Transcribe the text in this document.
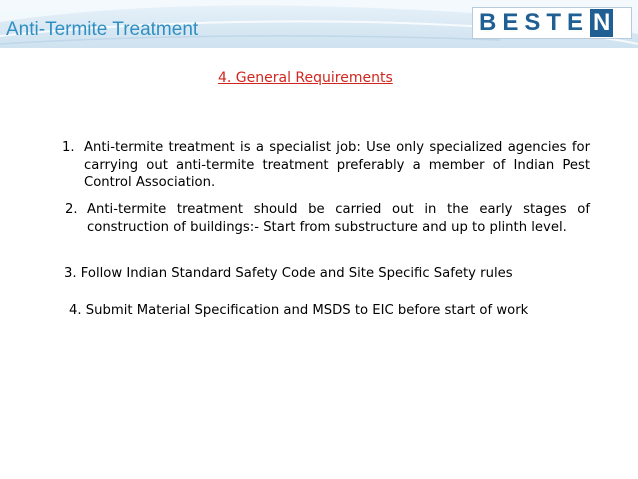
Anti-Termite Treatment	BESTE N
4. General Requirements
1. Anti-termite treatment is a specialist job: Use only specialized agencies for carrying out anti-termite treatment preferably a member of Indian Pest Control Association.
2. Anti-termite treatment should be carried out in the early stages of construction of buildings:- Start from substructure and up to plinth level.
3. Follow Indian Standard Safety Code and Site Specific Safety rules
4. Submit Material Specification and MSDS to EIC before start of work
